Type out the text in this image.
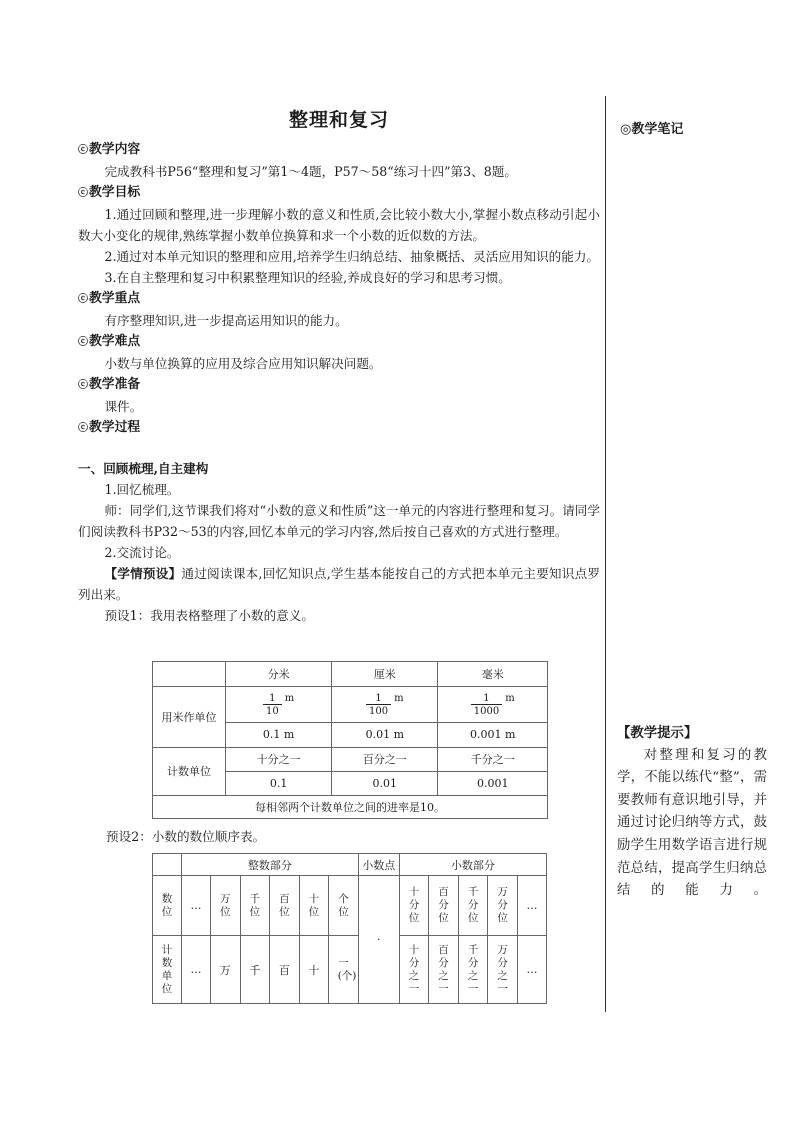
◎教学笔记
整理和复习
ⓒ教学内容

完成教科书P56“整理和复习”第1～4题，P57～58“练习十四”第3、8题。

ⓒ教学目标

1.通过回顾和整理,进一步理解小数的意义和性质,会比较小数大小,掌握小数点移动引起小数大小变化的规律,熟练掌握小数单位换算和求一个小数的近似数的方法。

2.通过对本单元知识的整理和应用,培养学生归纳总结、抽象概括、灵活应用知识的能力。

3.在自主整理和复习中积累整理知识的经验,养成良好的学习和思考习惯。

ⓒ教学重点

有序整理知识,进一步提高运用知识的能力。

ⓒ教学难点

小数与单位换算的应用及综合应用知识解决问题。

ⓒ教学准备

课件。

ⓒ教学过程
一、回顾梳理,自主建构

1.回忆梳理。

师：同学们,这节课我们将对“小数的意义和性质”这一单元的内容进行整理和复习。请同学们阅读教科书P32～53的内容,回忆本单元的学习内容,然后按自己喜欢的方式进行整理。

2.交流讨论。

【学情预设】通过阅读课本,回忆知识点,学生基本能按自己的方式把本单元主要知识点罗列出来。

预设1：我用表格整理了小数的意义。

	分米	厘米	毫米
用米作单位	$\frac{1}{10}$ m	$\frac{1}{100}$ m	$\frac{1}{1000}$ m
	0.1 m	0.01 m	0.001 m
计数单位	十分之一	百分之一	千分之一
	0.1	0.01	0.001
每相邻两个计数单位之间的进率是10。			
预设2：小数的数位顺序表。
	整数部分						小数点	小数部分				
数位	…	万位	千位	百位	十位	个位	·	十分位	百分位	千分位	万分位	…
计数单位	…	万	千	百	十	一(个)		十分之一	百分之一	千分之一	万分之一	…
【教学提示】
对整理和复习的教学，不能以练代“整”，需要教师有意识地引导，并通过讨论归纳等方式，鼓励学生用数学语言进行规范总结，提高学生归纳总结的能力。
